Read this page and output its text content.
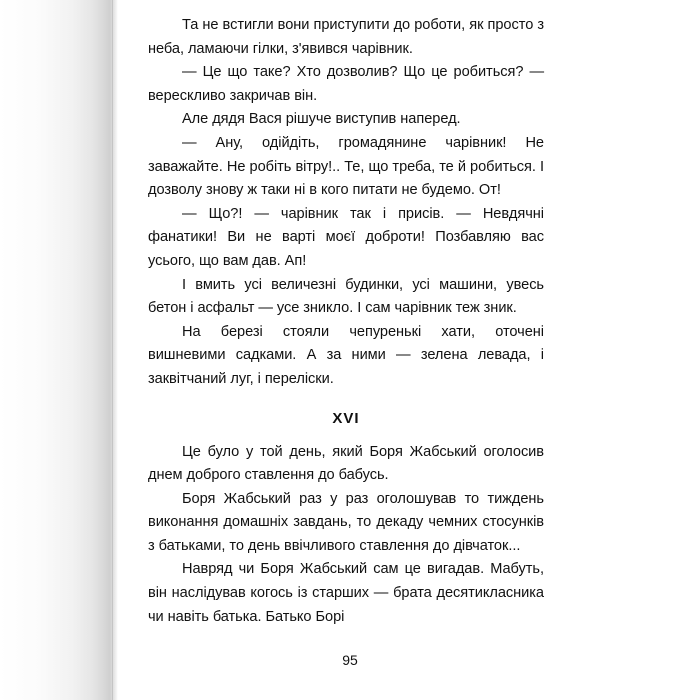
Та не встигли вони приступити до роботи, як просто з неба, ламаючи гілки, з'явився чарівник.

— Це що таке? Хто дозволив? Що це робиться? — верескливо закричав він.

Але дядя Вася рішуче виступив наперед.

— Ану, одійдіть, громадянине чарівник! Не заважайте. Не робіть вітру!.. Те, що треба, те й робиться. І дозволу знову ж таки ні в кого питати не будемо. От!

— Що?! — чарівник так і присів. — Невдячні фанатики! Ви не варті моєї доброти! Позбавляю вас усього, що вам дав. Ап!

І вмить усі величезні будинки, усі машини, увесь бетон і асфальт — усе зникло. І сам чарівник теж зник.

На березі стояли чепуренькі хати, оточені вишневими садками. А за ними — зелена левада, і заквітчаний луг, і переліски.

XVI

Це було у той день, який Боря Жабський оголосив днем доброго ставлення до бабусь.

Боря Жабський раз у раз оголошував то тиждень виконання домашніх завдань, то декаду чемних стосунків з батьками, то день ввічливого ставлення до дівчаток...

Навряд чи Боря Жабський сам це вигадав. Мабуть, він наслідував когось із старших — брата десятикласника чи навіть батька. Батько Борі

95
